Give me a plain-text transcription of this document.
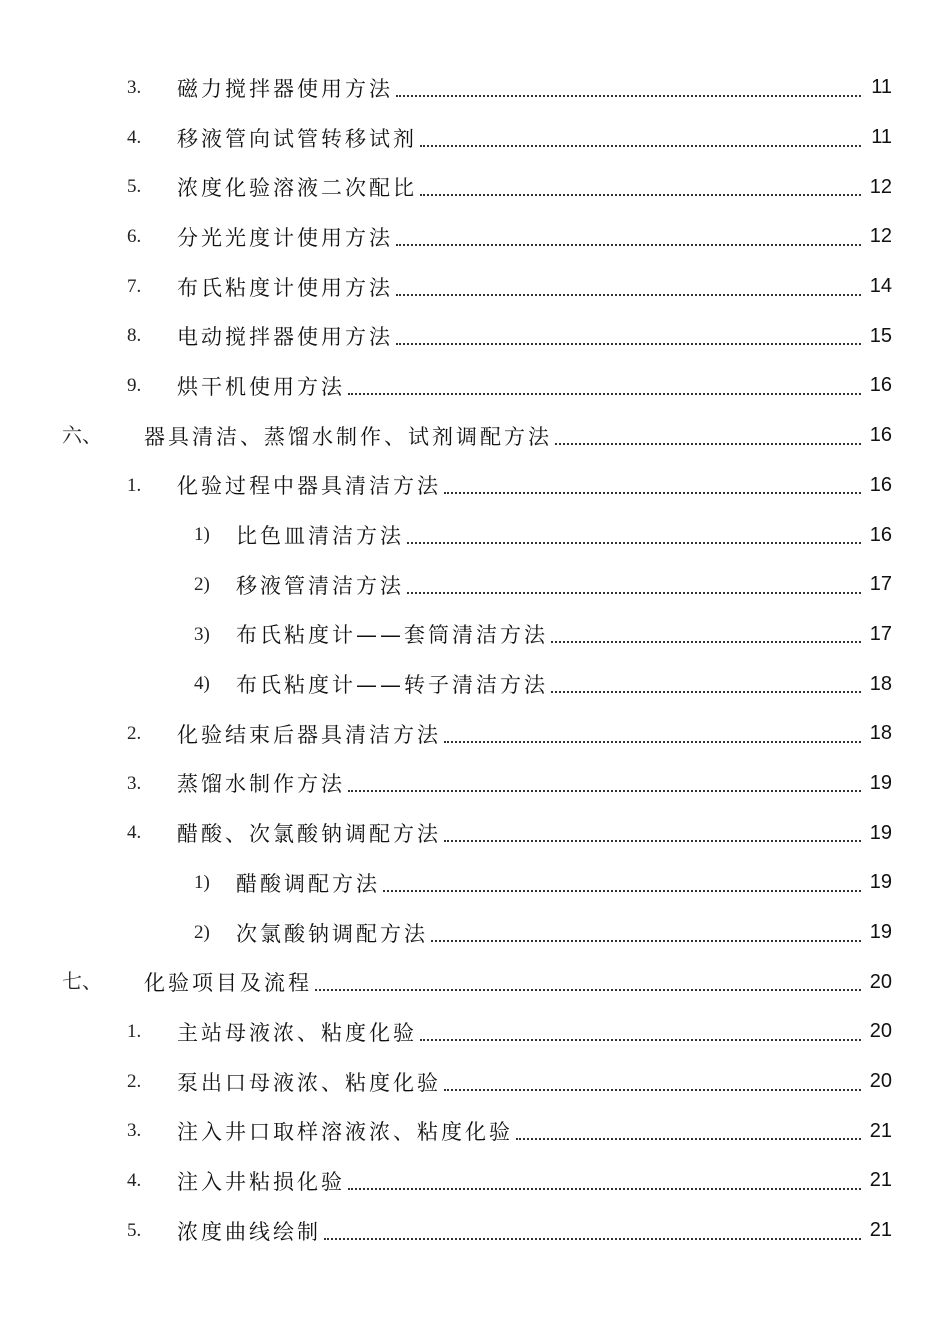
3. 磁力搅拌器使用方法	11
4. 移液管向试管转移试剂	11
5. 浓度化验溶液二次配比	12
6. 分光光度计使用方法	12
7. 布氏粘度计使用方法	14
8. 电动搅拌器使用方法	15
9. 烘干机使用方法	16
六、 器具清洁、蒸馏水制作、试剂调配方法	16
1. 化验过程中器具清洁方法	16
1) 比色皿清洁方法	16
2) 移液管清洁方法	17
3) 布氏粘度计——套筒清洁方法	17
4) 布氏粘度计——转子清洁方法	18
2. 化验结束后器具清洁方法	18
3. 蒸馏水制作方法	19
4. 醋酸、次氯酸钠调配方法	19
1) 醋酸调配方法	19
2) 次氯酸钠调配方法	19
七、 化验项目及流程	20
1. 主站母液浓、粘度化验	20
2. 泵出口母液浓、粘度化验	20
3. 注入井口取样溶液浓、粘度化验	21
4. 注入井粘损化验	21
5. 浓度曲线绘制	21
